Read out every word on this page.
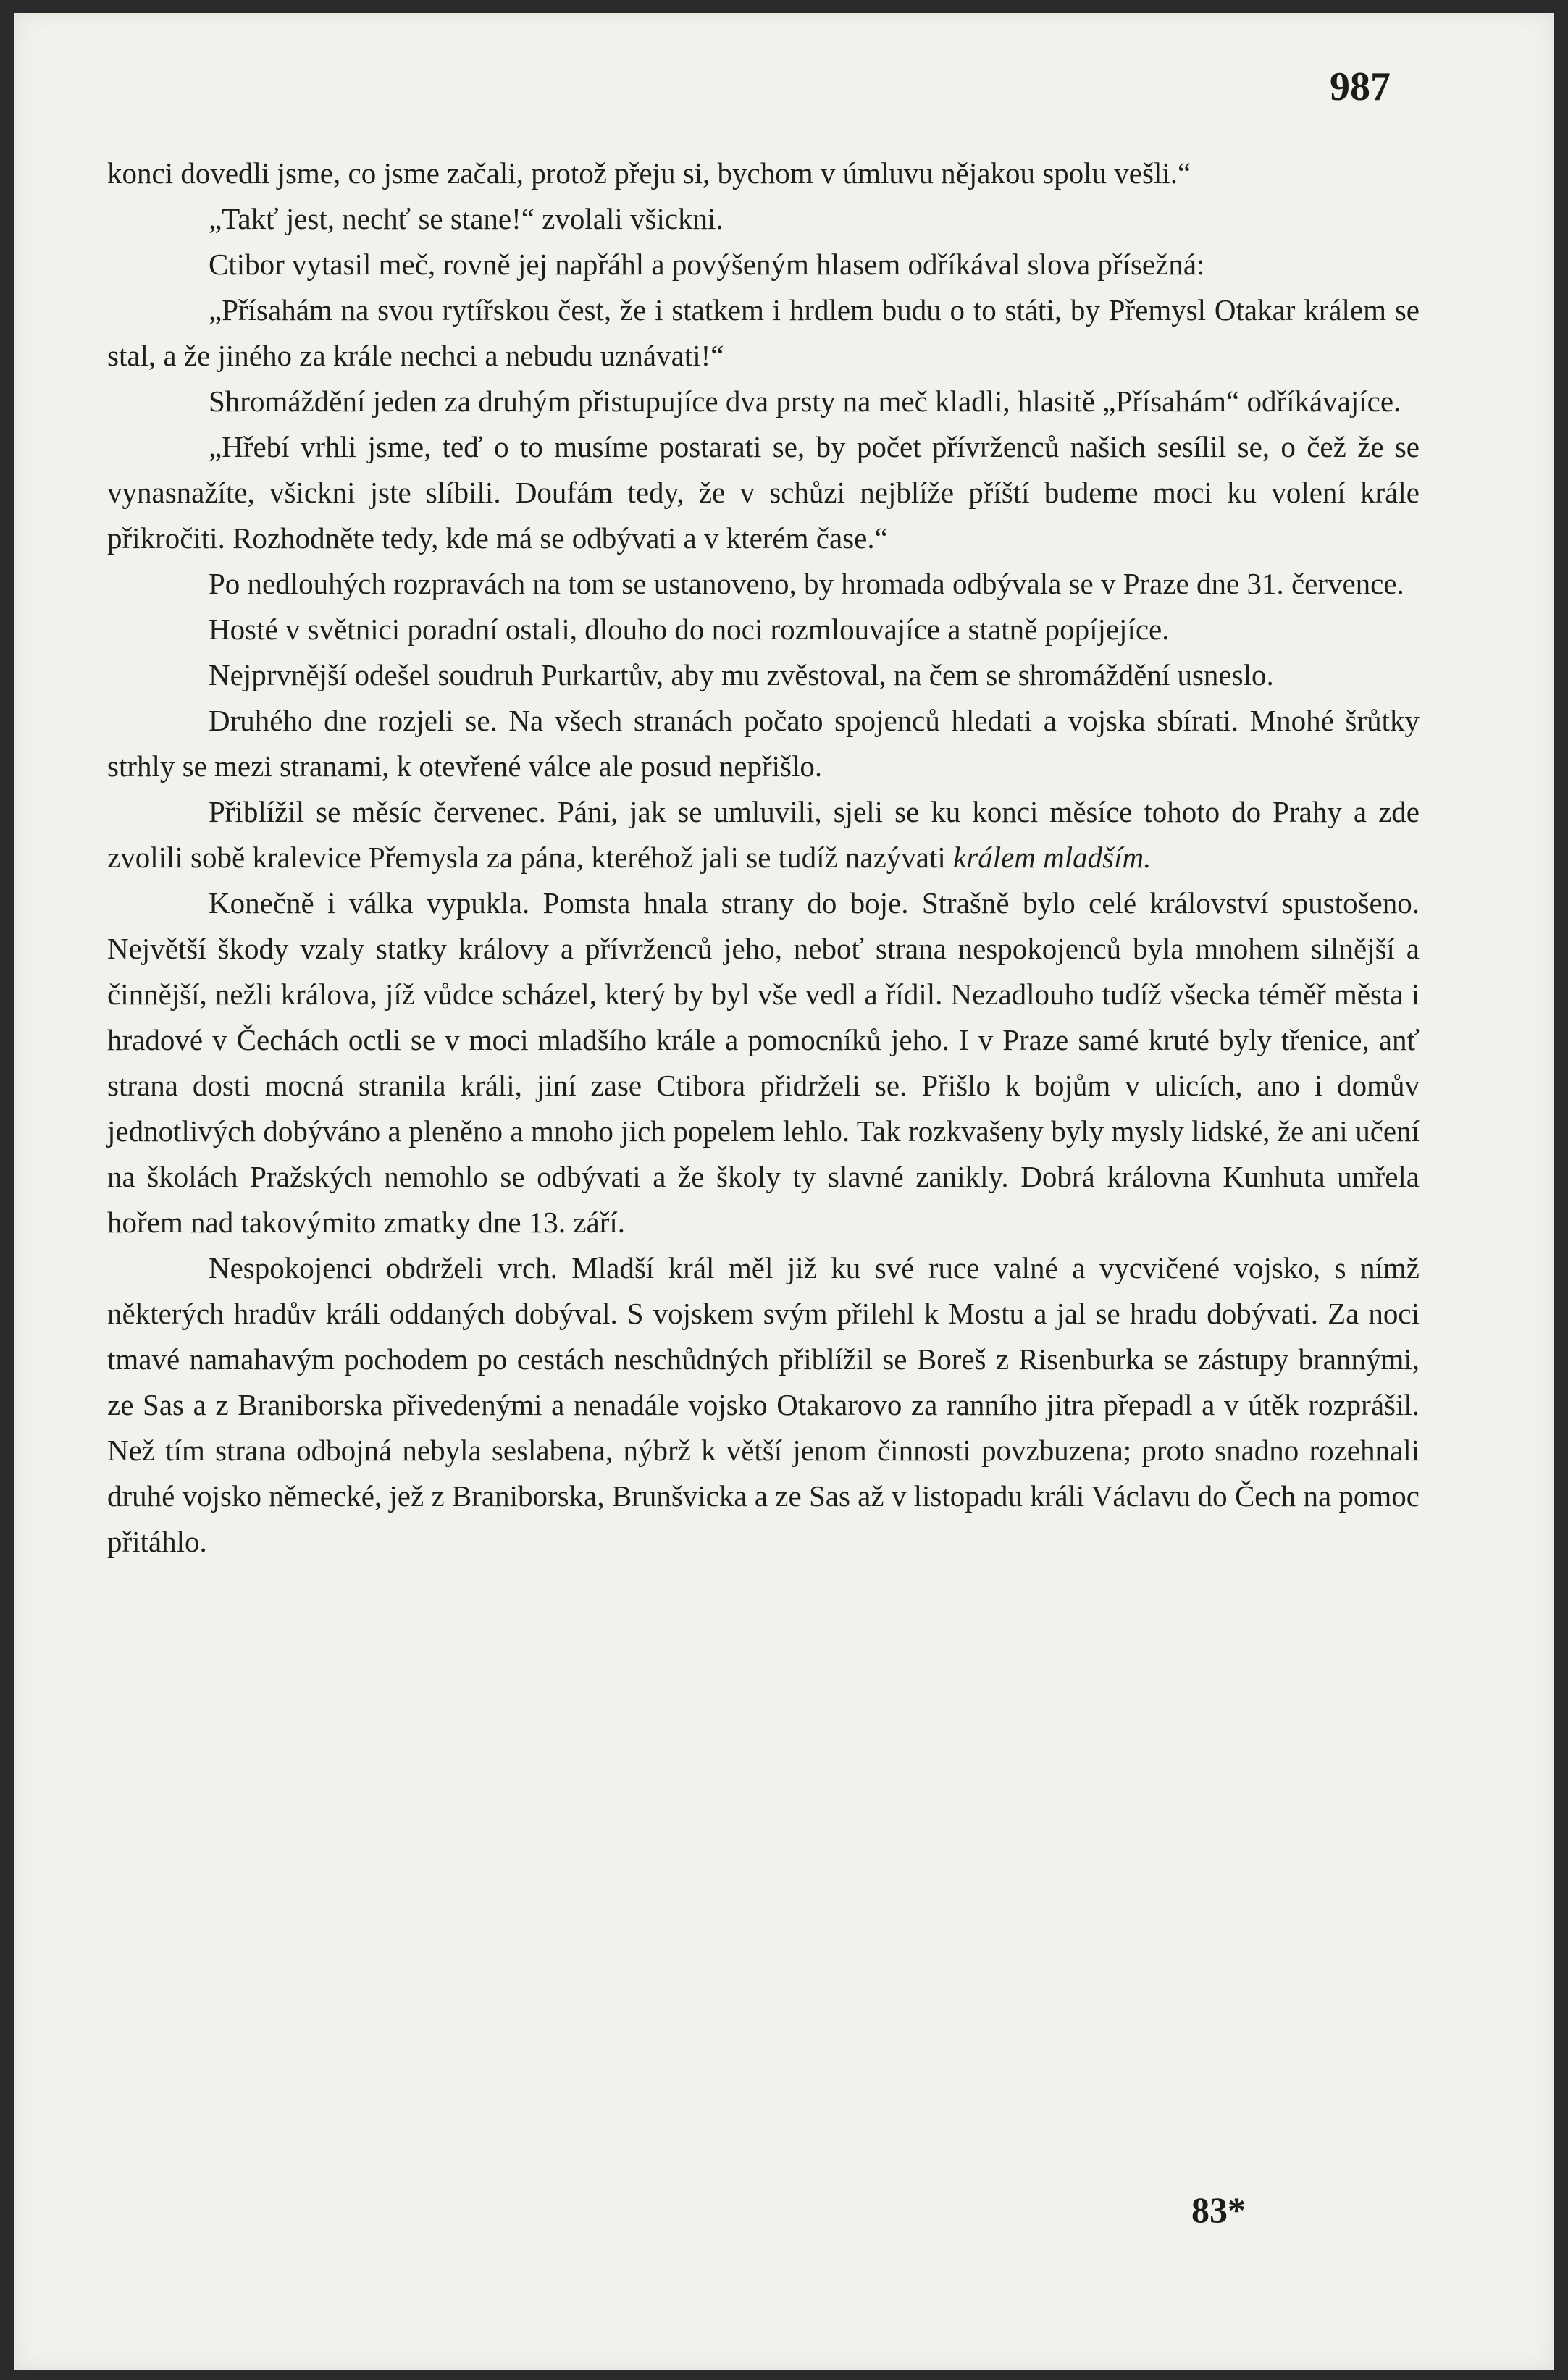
987

konci dovedli jsme, co jsme začali, protož přeju si, bychom v úmluvu nějakou spolu vešli.“

„Takť jest, nechť se stane!“ zvolali všickni.

Ctibor vytasil meč, rovně jej napřáhl a povýšeným hlasem odříkával slova přísežná:

„Přísahám na svou rytířskou čest, že i statkem i hrdlem budu o to státi, by Přemysl Otakar králem se stal, a že jiného za krále nechci a nebudu uznávati!“

Shromáždění jeden za druhým přistupujíce dva prsty na meč kladli, hlasitě „Přísahám“ odříkávajíce.

„Hřebí vrhli jsme, teď o to musíme postarati se, by počet přívrženců našich sesílil se, o čež že se vynasnažíte, všickni jste slíbili. Doufám tedy, že v schůzi nejblíže příští budeme moci ku volení krále přikročiti. Rozhodněte tedy, kde má se odbývati a v kterém čase.“

Po nedlouhých rozpravách na tom se ustanoveno, by hromada odbývala se v Praze dne 31. července.

Hosté v světnici poradní ostali, dlouho do noci rozmlouvajíce a statně popíjejíce.

Nejprvnější odešel soudruh Purkartův, aby mu zvěstoval, na čem se shromáždění usneslo.

Druhého dne rozjeli se. Na všech stranách počato spojenců hledati a vojska sbírati. Mnohé šrůtky strhly se mezi stranami, k otevřené válce ale posud nepřišlo.

Přiblížil se měsíc červenec. Páni, jak se umluvili, sjeli se ku konci měsíce tohoto do Prahy a zde zvolili sobě kralevice Přemysla za pána, kteréhož jali se tudíž nazývati králem mladším.

Konečně i válka vypukla. Pomsta hnala strany do boje. Strašně bylo celé království spustošeno. Největší škody vzaly statky královy a přívrženců jeho, neboť strana nespokojenců byla mnohem silnější a činnější, nežli králova, jíž vůdce scházel, který by byl vše vedl a řídil. Nezadlouho tudíž všecka téměř města i hradové v Čechách octli se v moci mladšího krále a pomocníků jeho. I v Praze samé kruté byly třenice, anť strana dosti mocná stranila králi, jiní zase Ctibora přidrželi se. Přišlo k bojům v ulicích, ano i domův jednotlivých dobýváno a pleněno a mnoho jich popelem lehlo. Tak rozkvašeny byly mysly lidské, že ani učení na školách Pražských nemohlo se odbývati a že školy ty slavné zanikly. Dobrá královna Kunhuta umřela hořem nad takovýmito zmatky dne 13. září.

Nespokojenci obdrželi vrch. Mladší král měl již ku své ruce valné a vycvičené vojsko, s nímž některých hradův králi oddaných dobýval. S vojskem svým přilehl k Mostu a jal se hradu dobývati. Za noci tmavé namahavým pochodem po cestách neschůdných přiblížil se Boreš z Risenburka se zástupy brannými, ze Sas a z Braniborska přivedenými a nenadále vojsko Otakarovo za ranního jitra přepadl a v útěk rozprášil. Než tím strana odbojná nebyla seslabena, nýbrž k větší jenom činnosti povzbuzena; proto snadno rozehnali druhé vojsko německé, jež z Braniborska, Brunšvicka a ze Sas až v listopadu králi Václavu do Čech na pomoc přitáhlo.

83*
